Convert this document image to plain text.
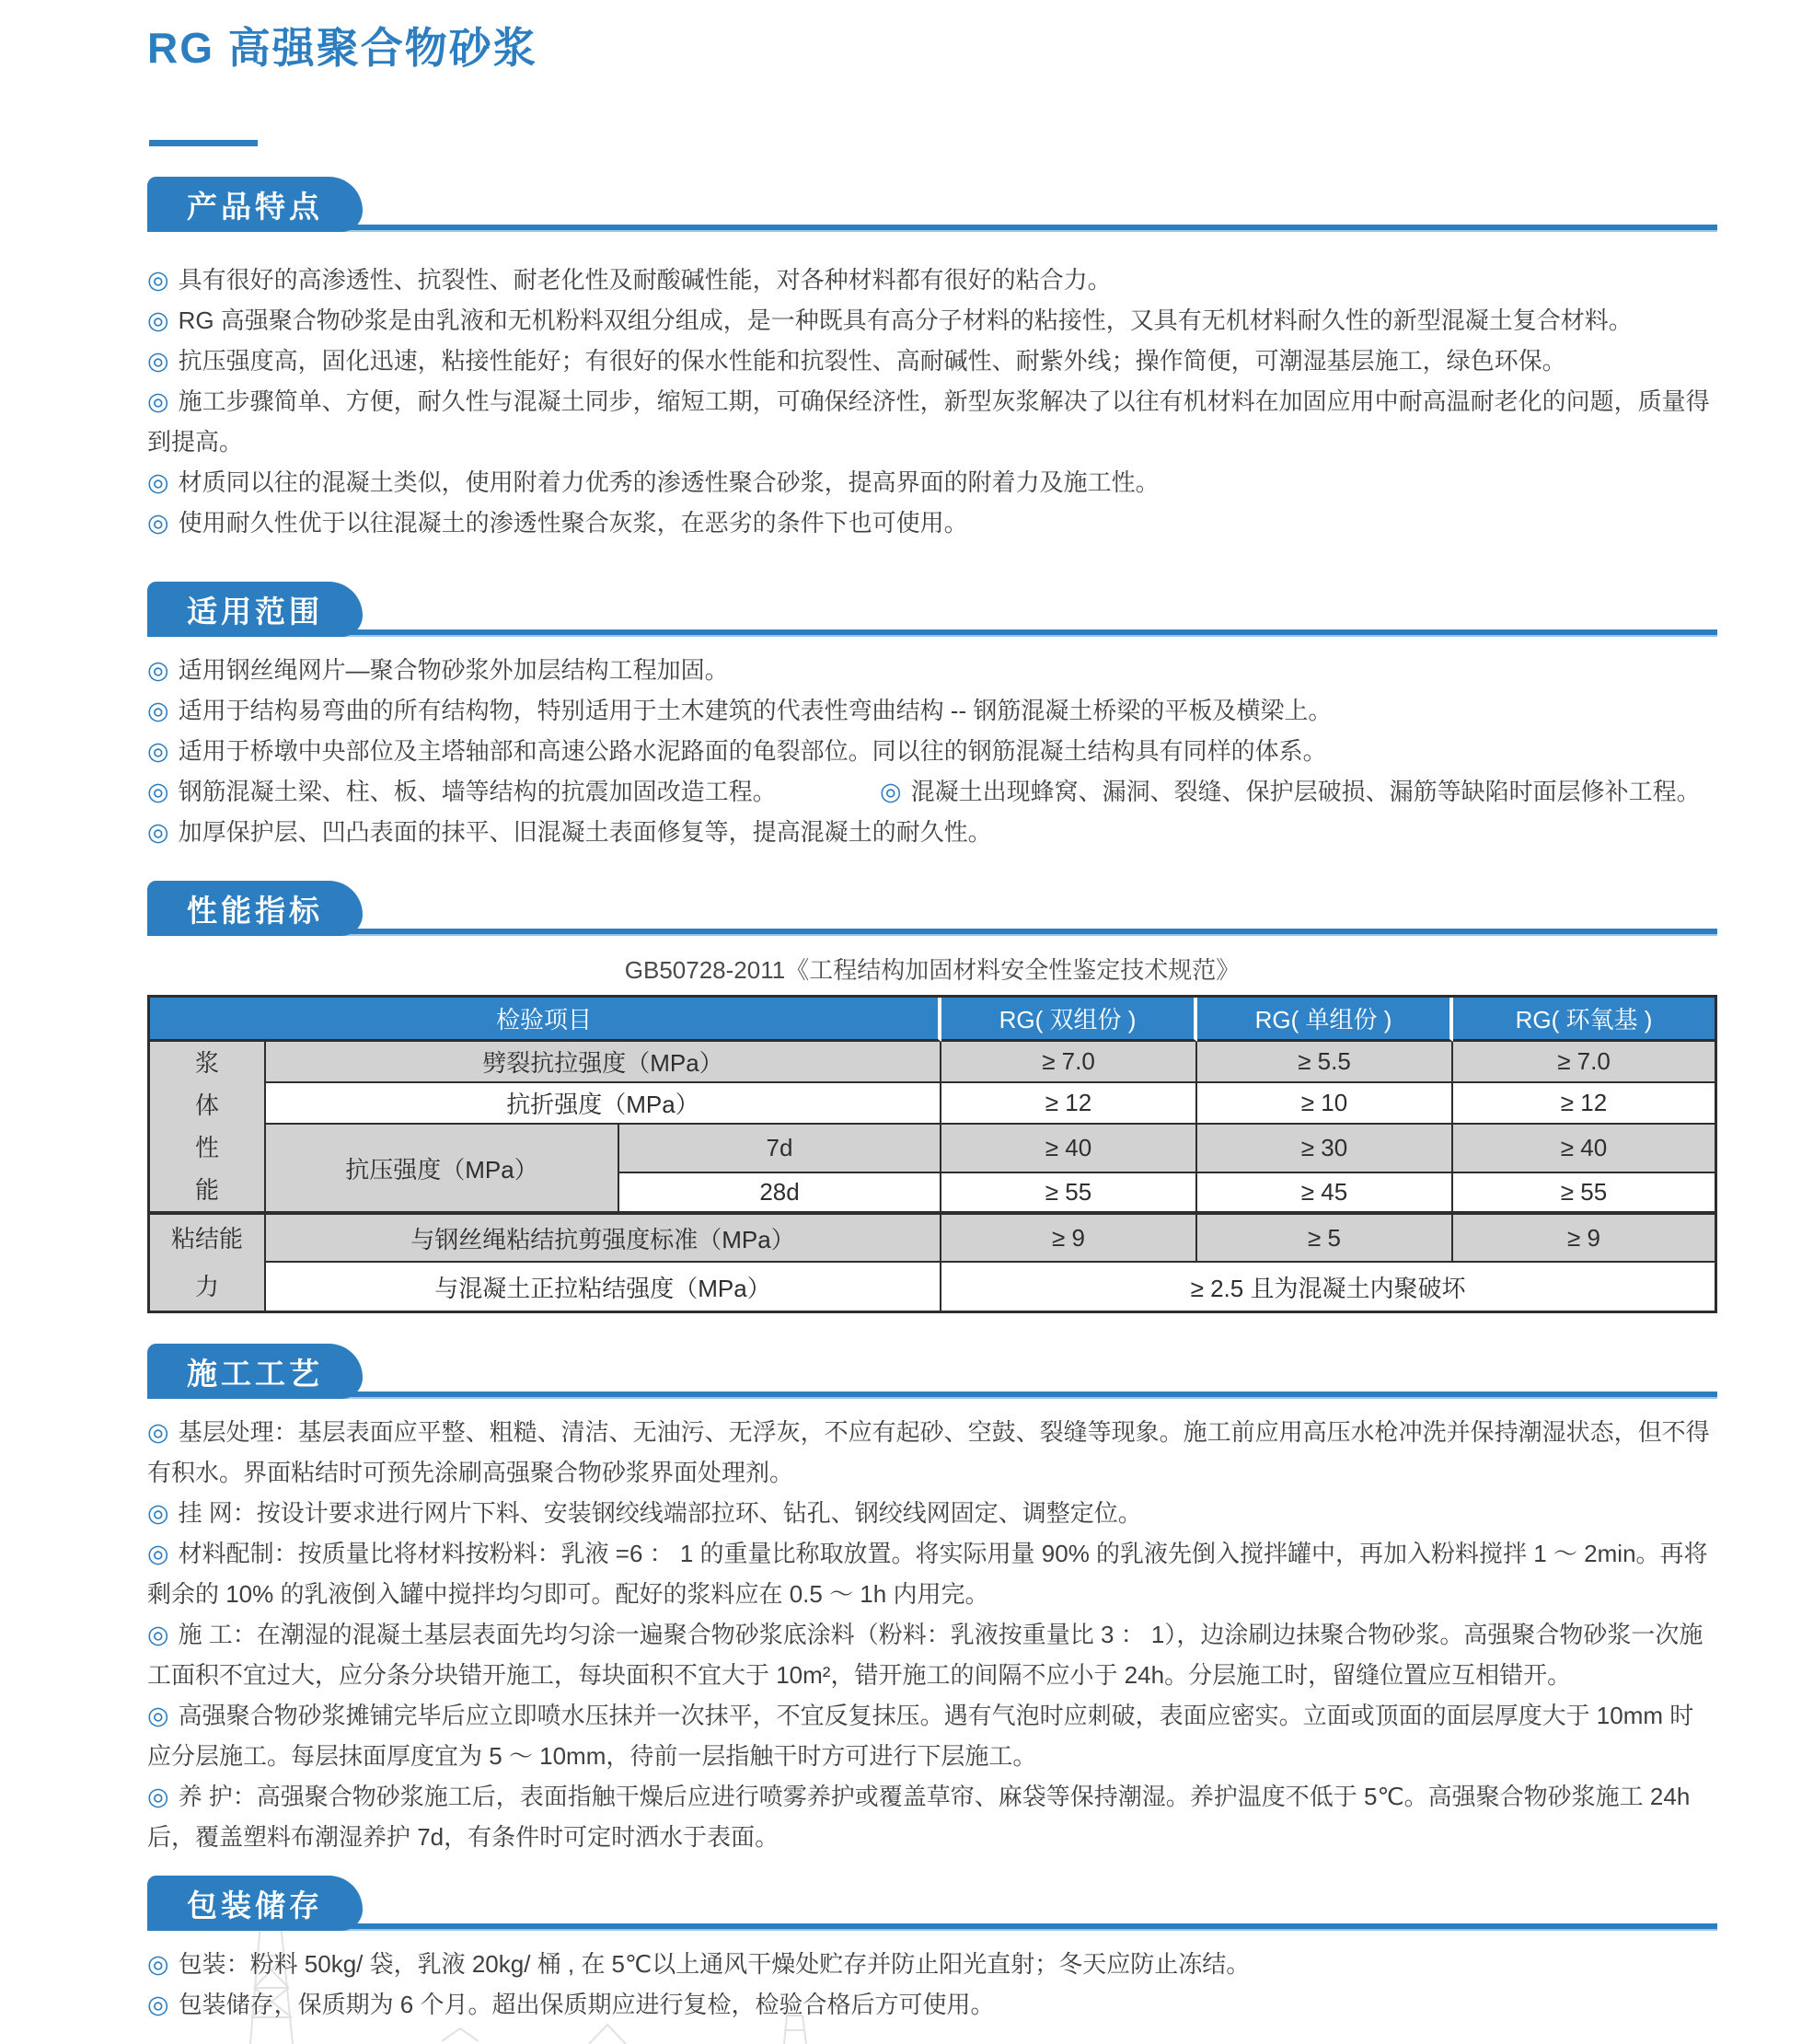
RG 高强聚合物砂浆
产品特点

◎ 具有很好的高渗透性、抗裂性、耐老化性及耐酸碱性能，对各种材料都有很好的粘合力。

◎ RG 高强聚合物砂浆是由乳液和无机粉料双组分组成，是一种既具有高分子材料的粘接性，又具有无机材料耐久性的新型混凝土复合材料。

◎ 抗压强度高，固化迅速，粘接性能好；有很好的保水性能和抗裂性、高耐碱性、耐紫外线；操作简便，可潮湿基层施工，绿色环保。

◎ 施工步骤简单、方便，耐久性与混凝土同步，缩短工期，可确保经济性，新型灰浆解决了以往有机材料在加固应用中耐高温耐老化的问题，质量得到提高。

◎ 材质同以往的混凝土类似，使用附着力优秀的渗透性聚合砂浆，提高界面的附着力及施工性。

◎ 使用耐久性优于以往混凝土的渗透性聚合灰浆，在恶劣的条件下也可使用。

适用范围

◎ 适用钢丝绳网片—聚合物砂浆外加层结构工程加固。

◎ 适用于结构易弯曲的所有结构物，特别适用于土木建筑的代表性弯曲结构 -- 钢筋混凝土桥梁的平板及横梁上。

◎ 适用于桥墩中央部位及主塔轴部和高速公路水泥路面的龟裂部位。同以往的钢筋混凝土结构具有同样的体系。

◎ 钢筋混凝土梁、柱、板、墙等结构的抗震加固改造工程。	◎ 混凝土出现蜂窝、漏洞、裂缝、保护层破损、漏筋等缺陷时面层修补工程。

◎ 加厚保护层、凹凸表面的抹平、旧混凝土表面修复等，提高混凝土的耐久性。

性能指标
GB50728-2011《工程结构加固材料安全性鉴定技术规范》
检验项目			RG( 双组份 )	RG( 单组份 )	RG( 环氧基 )

浆体性能	劈裂抗拉强度（MPa）		≥ 7.0	≥ 5.5	≥ 7.0
	抗折强度（MPa）		≥ 12	≥ 10	≥ 12
	抗压强度（MPa）	7d	≥ 40	≥ 30	≥ 40
		28d	≥ 55	≥ 45	≥ 55

粘结能力	与钢丝绳粘结抗剪强度标准（MPa）		≥ 9	≥ 5	≥ 9
	与混凝土正拉粘结强度（MPa）		≥ 2.5 且为混凝土内聚破坏		
施工工艺

◎ 基层处理：基层表面应平整、粗糙、清洁、无油污、无浮灰，不应有起砂、空鼓、裂缝等现象。施工前应用高压水枪冲洗并保持潮湿状态，但不得有积水。界面粘结时可预先涂刷高强聚合物砂浆界面处理剂。

◎ 挂 网：按设计要求进行网片下料、安装钢绞线端部拉环、钻孔、钢绞线网固定、调整定位。

◎ 材料配制：按质量比将材料按粉料：乳液 =6 ： 1 的重量比称取放置。将实际用量 90% 的乳液先倒入搅拌罐中，再加入粉料搅拌 1 ～ 2min。再将剩余的 10% 的乳液倒入罐中搅拌均匀即可。配好的浆料应在 0.5 ～ 1h 内用完。

◎ 施 工：在潮湿的混凝土基层表面先均匀涂一遍聚合物砂浆底涂料（粉料：乳液按重量比 3 ： 1），边涂刷边抹聚合物砂浆。高强聚合物砂浆一次施工面积不宜过大，应分条分块错开施工，每块面积不宜大于 10m²，错开施工的间隔不应小于 24h。分层施工时，留缝位置应互相错开。

◎ 高强聚合物砂浆摊铺完毕后应立即喷水压抹并一次抹平，不宜反复抹压。遇有气泡时应刺破，表面应密实。立面或顶面的面层厚度大于 10mm 时应分层施工。每层抹面厚度宜为 5 ～ 10mm，待前一层指触干时方可进行下层施工。

◎ 养 护：高强聚合物砂浆施工后，表面指触干燥后应进行喷雾养护或覆盖草帘、麻袋等保持潮湿。养护温度不低于 5℃。高强聚合物砂浆施工 24h 后，覆盖塑料布潮湿养护 7d，有条件时可定时洒水于表面。

包装储存

◎ 包装：粉料 50kg/ 袋，乳液 20kg/ 桶 , 在 5℃以上通风干燥处贮存并防止阳光直射；冬天应防止冻结。

◎ 包装储存，保质期为 6 个月。超出保质期应进行复检，检验合格后方可使用。
